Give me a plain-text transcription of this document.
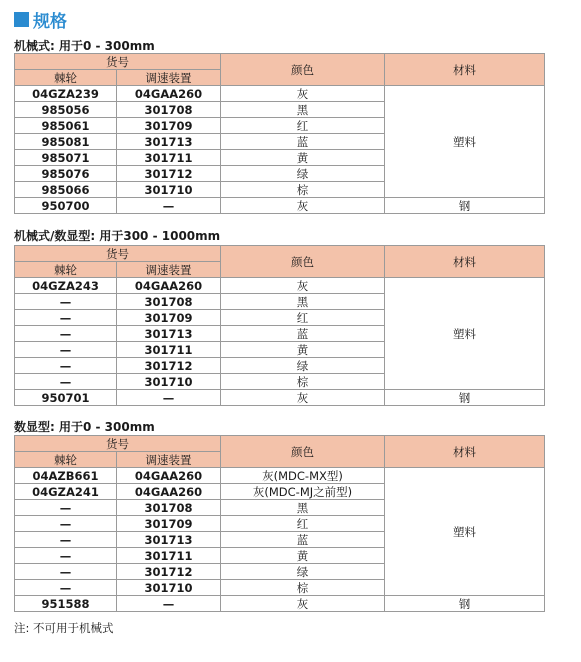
规格
机械式: 用于0 - 300mm
货号		颜色	材料
棘轮	调速装置		
04GZA239	04GAA260	灰	塑料
985056	301708	黑	
985061	301709	红	
985081	301713	蓝	
985071	301711	黄	
985076	301712	绿	
985066	301710	棕	
950700	—	灰	钢
机械式/数显型: 用于300 - 1000mm
货号		颜色	材料
棘轮	调速装置		
04GZA243	04GAA260	灰	塑料
—	301708	黑	
—	301709	红	
—	301713	蓝	
—	301711	黄	
—	301712	绿	
—	301710	棕	
950701	—	灰	钢
数显型: 用于0 - 300mm
货号		颜色	材料
棘轮	调速装置		
04AZB661	04GAA260	灰(MDC-MX型)	塑料
04GZA241	04GAA260	灰(MDC-MJ之前型)	
—	301708	黑	
—	301709	红	
—	301713	蓝	
—	301711	黄	
—	301712	绿	
—	301710	棕	
951588	—	灰	钢
注: 不可用于机械式
